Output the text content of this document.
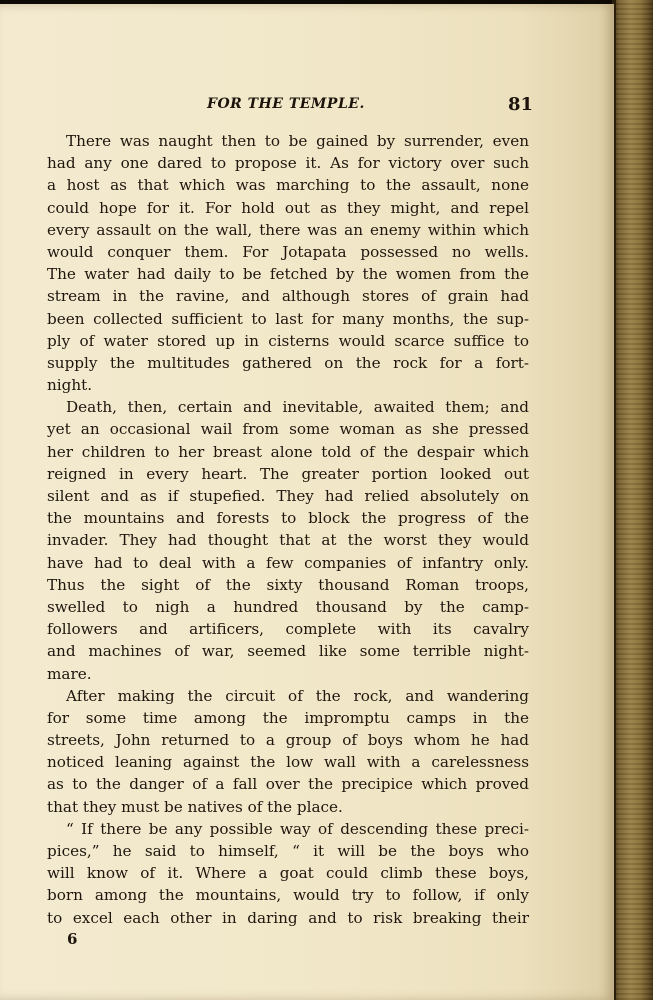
FOR THE TEMPLE.	81
There was naught then to be gained by surrender, even
had any one dared to propose it. As for victory over such
a host as that which was marching to the assault, none
could hope for it. For hold out as they might, and repel
every assault on the wall, there was an enemy within which
would conquer them. For Jotapata possessed no wells.
The water had daily to be fetched by the women from the
stream in the ravine, and although stores of grain had
been collected sufficient to last for many months, the sup-
ply of water stored up in cisterns would scarce suffice to
supply the multitudes gathered on the rock for a fort-
night.
Death, then, certain and inevitable, awaited them; and
yet an occasional wail from some woman as she pressed
her children to her breast alone told of the despair which
reigned in every heart. The greater portion looked out
silent and as if stupefied. They had relied absolutely on
the mountains and forests to block the progress of the
invader. They had thought that at the worst they would
have had to deal with a few companies of infantry only.
Thus the sight of the sixty thousand Roman troops,
swelled to nigh a hundred thousand by the camp-
followers and artificers, complete with its cavalry
and machines of war, seemed like some terrible night-
mare.
After making the circuit of the rock, and wandering
for some time among the impromptu camps in the
streets, John returned to a group of boys whom he had
noticed leaning against the low wall with a carelessness
as to the danger of a fall over the precipice which proved
that they must be natives of the place.
“ If there be any possible way of descending these preci-
pices,” he said to himself, “ it will be the boys who
will know of it. Where a goat could climb these boys,
born among the mountains, would try to follow, if only
to excel each other in daring and to risk breaking their
6
